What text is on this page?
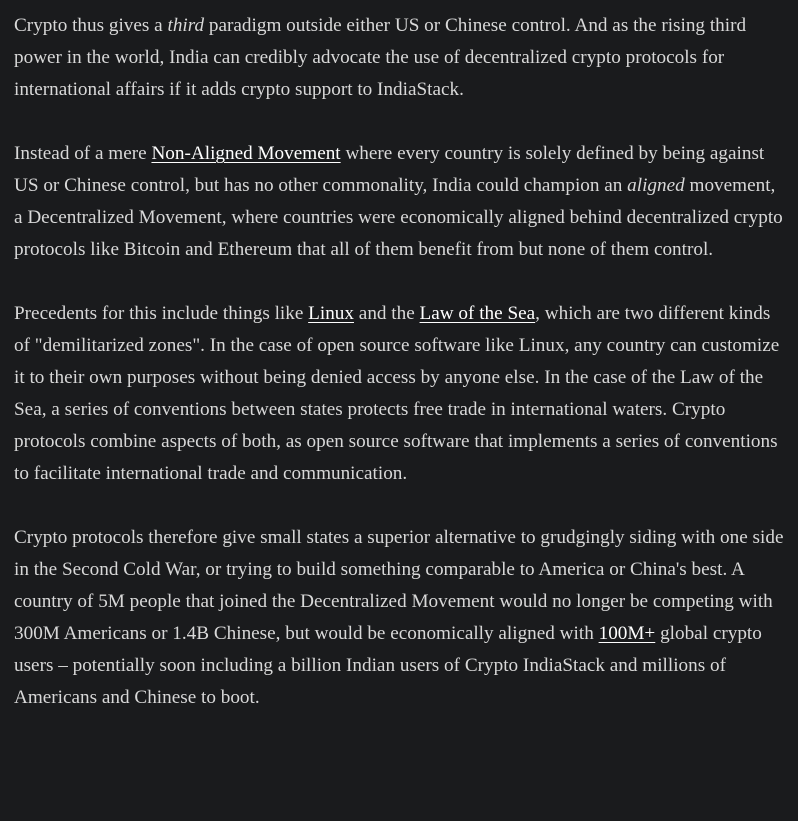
Crypto thus gives a third paradigm outside either US or Chinese control. And as the rising third power in the world, India can credibly advocate the use of decentralized crypto protocols for international affairs if it adds crypto support to IndiaStack.

Instead of a mere Non-Aligned Movement where every country is solely defined by being against US or Chinese control, but has no other commonality, India could champion an aligned movement, a Decentralized Movement, where countries were economically aligned behind decentralized crypto protocols like Bitcoin and Ethereum that all of them benefit from but none of them control.

Precedents for this include things like Linux and the Law of the Sea, which are two different kinds of "demilitarized zones". In the case of open source software like Linux, any country can customize it to their own purposes without being denied access by anyone else. In the case of the Law of the Sea, a series of conventions between states protects free trade in international waters. Crypto protocols combine aspects of both, as open source software that implements a series of conventions to facilitate international trade and communication.

Crypto protocols therefore give small states a superior alternative to grudgingly siding with one side in the Second Cold War, or trying to build something comparable to America or China's best. A country of 5M people that joined the Decentralized Movement would no longer be competing with 300M Americans or 1.4B Chinese, but would be economically aligned with 100M+ global crypto users – potentially soon including a billion Indian users of Crypto IndiaStack and millions of Americans and Chinese to boot.
